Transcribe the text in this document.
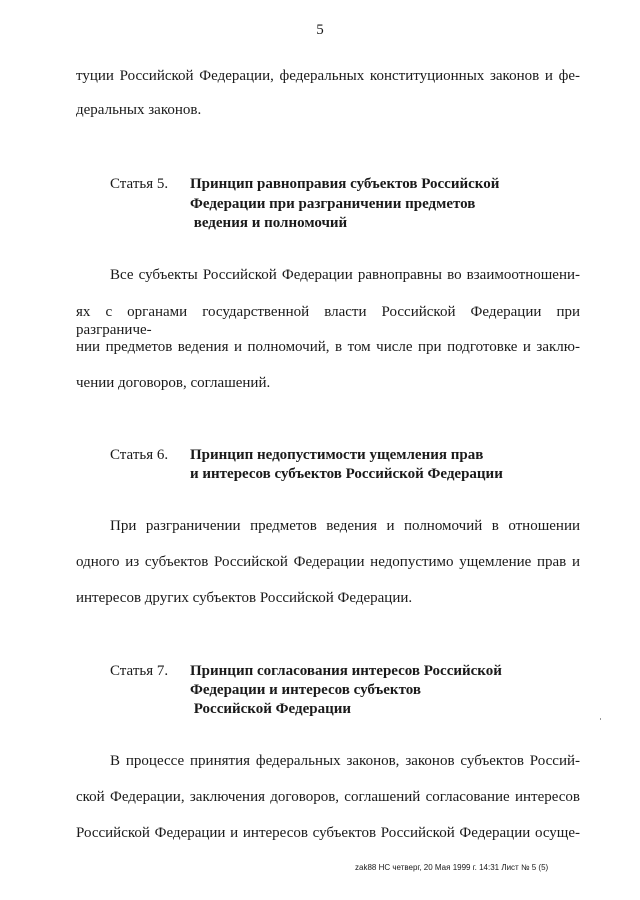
5
туции Российской Федерации, федеральных конституционных законов и фе-
деральных законов.
Статья 5. Принцип равноправия субъектов Российской
Федерации при разграничении предметов
ведения и полномочий
Все субъекты Российской Федерации равноправны во взаимоотношени-
ях с органами государственной власти Российской Федерации при разграниче-
нии предметов ведения и полномочий, в том числе при подготовке и заклю-
чении договоров, соглашений.
Статья 6. Принцип недопустимости ущемления прав
и интересов субъектов Российской Федерации
При разграничении предметов ведения и полномочий в отношении
одного из субъектов Российской Федерации недопустимо ущемление прав и
интересов других субъектов Российской Федерации.
Статья 7. Принцип согласования интересов Российской
Федерации и интересов субъектов
Российской Федерации
В процессе принятия федеральных законов, законов субъектов Россий-
ской Федерации, заключения договоров, соглашений согласование интересов
Российской Федерации и интересов субъектов Российской Федерации осуще-
zak88 НС четверг, 20 Мая 1999 г. 14:31 Лист № 5 (5)
